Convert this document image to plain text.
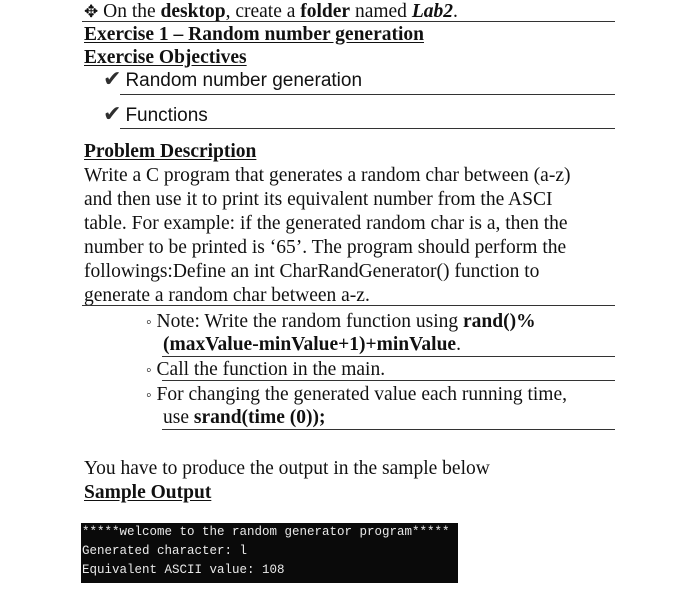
✥ On the desktop, create a folder named Lab2.
Exercise 1 – Random number generation
Exercise Objectives
✔ Random number generation
✔ Functions
Problem Description
Write a C program that generates a random char between (a-z)
and then use it to print its equivalent number from the ASCI
table. For example: if the generated random char is a, then the
number to be printed is ‘65’. The program should perform the
followings:Define an int CharRandGenerator() function to
generate a random char between a-z.
◦ Note: Write the random function using rand()%
(maxValue-minValue+1)+minValue.
◦ Call the function in the main.
◦ For changing the generated value each running time,
use srand(time (0));
You have to produce the output in the sample below
Sample Output
*****welcome to the random generator program*****
Generated character: l
Equivalent ASCII value: 108
